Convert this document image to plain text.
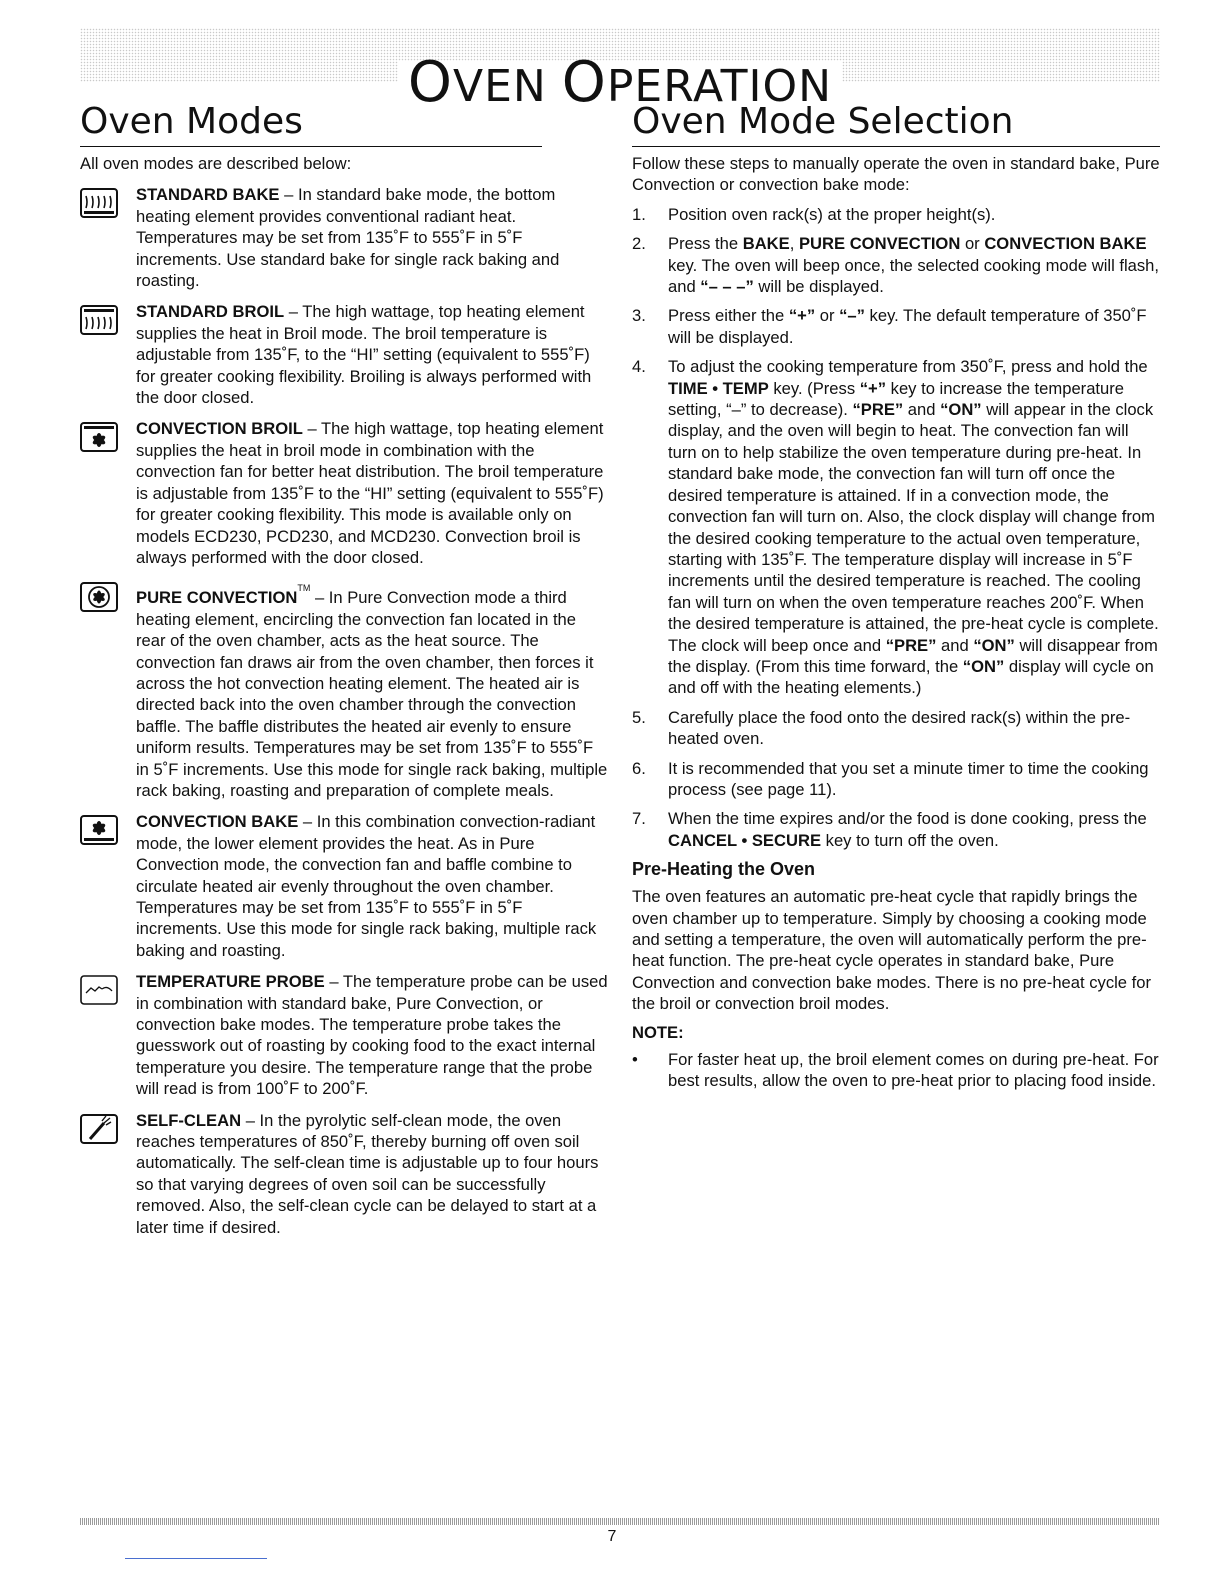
OVEN OPERATION
Oven Modes

All oven modes are described below:

STANDARD BAKE – In standard bake mode, the bottom heating element provides conventional radiant heat. Temperatures may be set from 135˚F to 555˚F in 5˚F increments. Use standard bake for single rack baking and roasting.

STANDARD BROIL – The high wattage, top heating element supplies the heat in Broil mode. The broil temperature is adjustable from 135˚F, to the “HI” setting (equivalent to 555˚F) for greater cooking flexibility. Broiling is always performed with the door closed.

CONVECTION BROIL – The high wattage, top heating element supplies the heat in broil mode in combination with the convection fan for better heat distribution. The broil temperature is adjustable from 135˚F to the “HI” setting (equivalent to 555˚F) for greater cooking flexibility. This mode is available only on models ECD230, PCD230, and MCD230. Convection broil is always performed with the door closed.

PURE CONVECTION™ – In Pure Convection mode a third heating element, encircling the convection fan located in the rear of the oven chamber, acts as the heat source. The convection fan draws air from the oven chamber, then forces it across the hot convection heating element. The heated air is directed back into the oven chamber through the convection baffle. The baffle distributes the heated air evenly to ensure uniform results. Temperatures may be set from 135˚F to 555˚F in 5˚F increments. Use this mode for single rack baking, multiple rack baking, roasting and preparation of complete meals.

CONVECTION BAKE – In this combination convection-radiant mode, the lower element provides the heat. As in Pure Convection mode, the convection fan and baffle combine to circulate heated air evenly throughout the oven chamber. Temperatures may be set from 135˚F to 555˚F in 5˚F increments. Use this mode for single rack baking, multiple rack baking and roasting.

TEMPERATURE PROBE – The temperature probe can be used in combination with standard bake, Pure Convection, or convection bake modes. The temperature probe takes the guesswork out of roasting by cooking food to the exact internal temperature you desire. The temperature range that the probe will read is from 100˚F to 200˚F.

SELF-CLEAN – In the pyrolytic self-clean mode, the oven reaches temperatures of 850˚F, thereby burning off oven soil automatically. The self-clean time is adjustable up to four hours so that varying degrees of oven soil can be successfully removed. Also, the self-clean cycle can be delayed to start at a later time if desired.

Oven Mode Selection

Follow these steps to manually operate the oven in standard bake, Pure Convection or convection bake mode:

1. Position oven rack(s) at the proper height(s).
2. Press the BAKE, PURE CONVECTION or CONVECTION BAKE key. The oven will beep once, the selected cooking mode will flash, and “– – –” will be displayed.
3. Press either the “+” or “–” key. The default temperature of 350˚F will be displayed.
4. To adjust the cooking temperature from 350˚F, press and hold the TIME • TEMP key. (Press “+” key to increase the temperature setting, “–” to decrease). “PRE” and “ON” will appear in the clock display, and the oven will begin to heat. The convection fan will turn on to help stabilize the oven temperature during pre-heat. In standard bake mode, the convection fan will turn off once the desired temperature is attained. If in a convection mode, the convection fan will turn on. Also, the clock display will change from the desired cooking temperature to the actual oven temperature, starting with 135˚F. The temperature display will increase in 5˚F increments until the desired temperature is reached. The cooling fan will turn on when the oven temperature reaches 200˚F. When the desired temperature is attained, the pre-heat cycle is complete. The clock will beep once and “PRE” and “ON” will disappear from the display. (From this time forward, the “ON” display will cycle on and off with the heating elements.)
5. Carefully place the food onto the desired rack(s) within the pre-heated oven.
6. It is recommended that you set a minute timer to time the cooking process (see page 11).
7. When the time expires and/or the food is done cooking, press the CANCEL • SECURE key to turn off the oven.
Pre-Heating the Oven

The oven features an automatic pre-heat cycle that rapidly brings the oven chamber up to temperature. Simply by choosing a cooking mode and setting a temperature, the oven will automatically perform the pre-heat function. The pre-heat cycle operates in standard bake, Pure Convection and convection bake modes. There is no pre-heat cycle for the broil or convection broil modes.

NOTE:
• For faster heat up, the broil element comes on during pre-heat. For best results, allow the oven to pre-heat prior to placing food inside.
7
